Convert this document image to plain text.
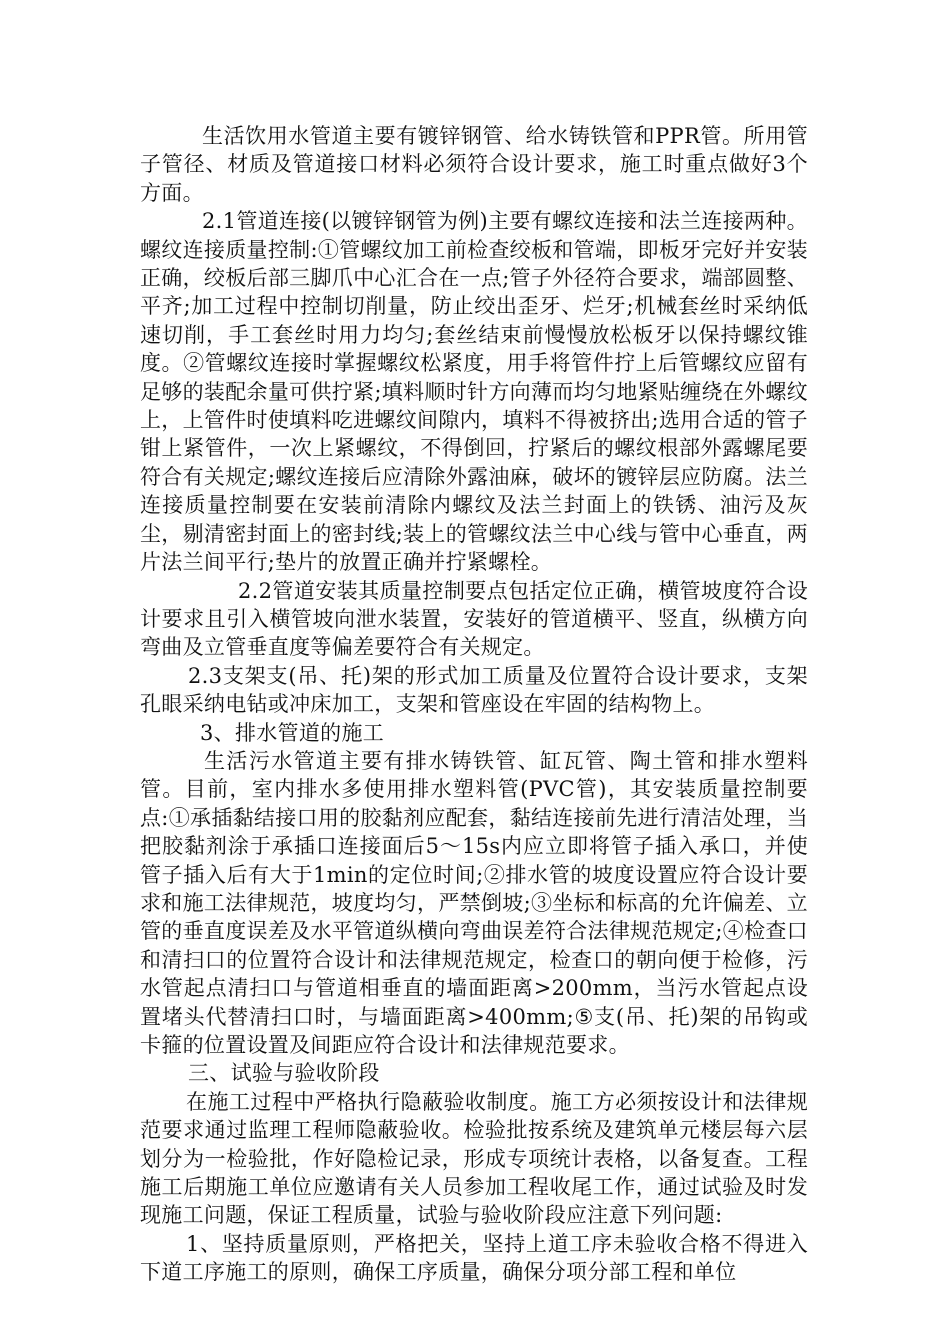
生活饮用水管道主要有镀锌钢管、给水铸铁管和PPR管。所用管子管径、材质及管道接口材料必须符合设计要求，施工时重点做好3个方面。

2.1管道连接(以镀锌钢管为例)主要有螺纹连接和法兰连接两种。螺纹连接质量控制:①管螺纹加工前检查绞板和管端，即板牙完好并安装正确，绞板后部三脚爪中心汇合在一点;管子外径符合要求，端部圆整、平齐;加工过程中控制切削量，防止绞出歪牙、烂牙;机械套丝时采纳低速切削，手工套丝时用力均匀;套丝结束前慢慢放松板牙以保持螺纹锥度。②管螺纹连接时掌握螺纹松紧度，用手将管件拧上后管螺纹应留有足够的装配余量可供拧紧;填料顺时针方向薄而均匀地紧贴缠绕在外螺纹上，上管件时使填料吃进螺纹间隙内，填料不得被挤出;选用合适的管子钳上紧管件，一次上紧螺纹，不得倒回，拧紧后的螺纹根部外露螺尾要符合有关规定;螺纹连接后应清除外露油麻，破坏的镀锌层应防腐。法兰连接质量控制要在安装前清除内螺纹及法兰封面上的铁锈、油污及灰尘，剔清密封面上的密封线;装上的管螺纹法兰中心线与管中心垂直，两片法兰间平行;垫片的放置正确并拧紧螺栓。

2.2管道安装其质量控制要点包括定位正确，横管坡度符合设计要求且引入横管坡向泄水装置，安装好的管道横平、竖直，纵横方向弯曲及立管垂直度等偏差要符合有关规定。

2.3支架支(吊、托)架的形式加工质量及位置符合设计要求，支架孔眼采纳电钻或冲床加工，支架和管座设在牢固的结构物上。

3、排水管道的施工

生活污水管道主要有排水铸铁管、缸瓦管、陶土管和排水塑料管。目前，室内排水多使用排水塑料管(PVC管)，其安装质量控制要点:①承插黏结接口用的胶黏剂应配套，黏结连接前先进行清洁处理，当把胶黏剂涂于承插口连接面后5～15s内应立即将管子插入承口，并使管子插入后有大于1min的定位时间;②排水管的坡度设置应符合设计要求和施工法律规范，坡度均匀，严禁倒坡;③坐标和标高的允许偏差、立管的垂直度误差及水平管道纵横向弯曲误差符合法律规范规定;④检查口和清扫口的位置符合设计和法律规范规定，检查口的朝向便于检修，污水管起点清扫口与管道相垂直的墙面距离>200mm，当污水管起点设置堵头代替清扫口时，与墙面距离>400mm;⑤支(吊、托)架的吊钩或卡箍的位置设置及间距应符合设计和法律规范要求。

三、试验与验收阶段

在施工过程中严格执行隐蔽验收制度。施工方必须按设计和法律规范要求通过监理工程师隐蔽验收。检验批按系统及建筑单元楼层每六层划分为一检验批，作好隐检记录，形成专项统计表格，以备复查。工程施工后期施工单位应邀请有关人员参加工程收尾工作，通过试验及时发现施工问题，保证工程质量，试验与验收阶段应注意下列问题:

1、坚持质量原则，严格把关，坚持上道工序未验收合格不得进入下道工序施工的原则，确保工序质量，确保分项分部工程和单位
